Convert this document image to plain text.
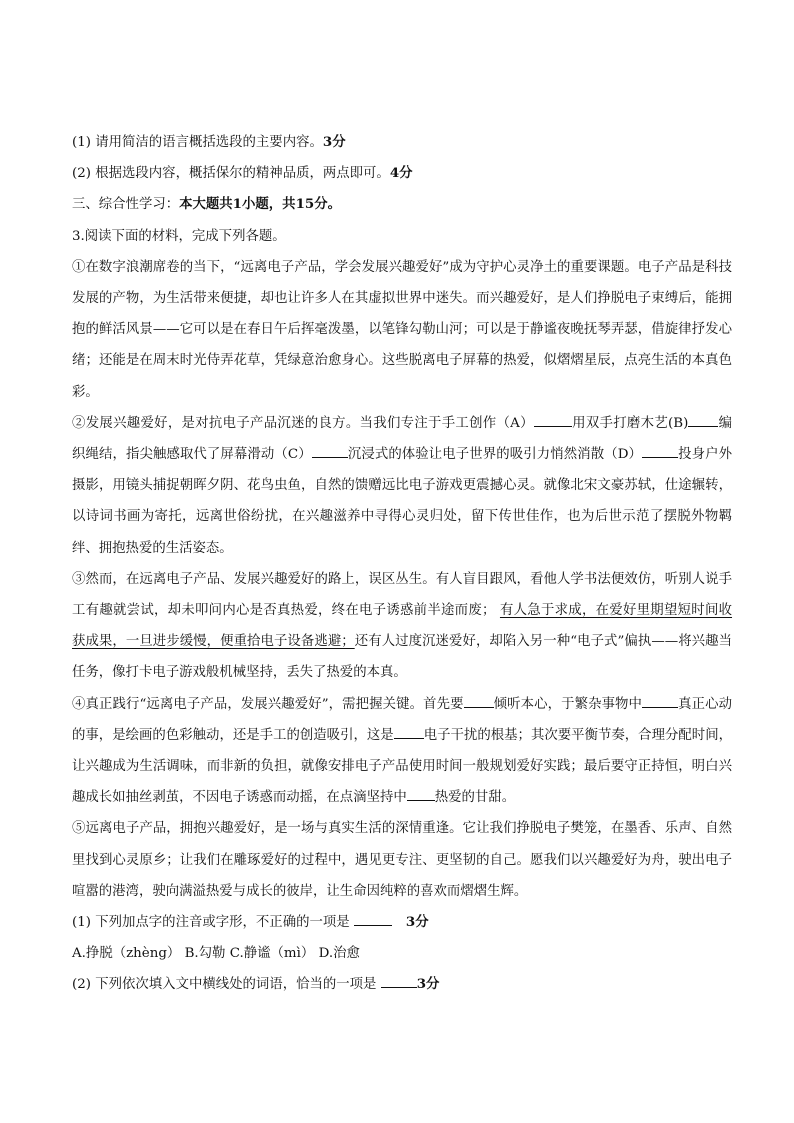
(1) 请用简洁的语言概括选段的主要内容。3分
(2) 根据选段内容，概括保尔的精神品质，两点即可。4分
三、综合性学习：本大题共1小题，共15分。
3.阅读下面的材料，完成下列各题。
①在数字浪潮席卷的当下，“远离电子产品，学会发展兴趣爱好”成为守护心灵净土的重要课题。电子产品是科技发展的产物，为生活带来便捷，却也让许多人在其虚拟世界中迷失。而兴趣爱好，是人们挣脱电子束缚后，能拥抱的鲜活风景——它可以是在春日午后挥毫泼墨，以笔锋勾勒山河；可以是于静谧夜晚抚琴弄瑟，借旋律抒发心绪；还能是在周末时光侍弄花草，凭绿意治愈身心。这些脱离电子屏幕的热爱，似熠熠星辰，点亮生活的本真色彩。
②发展兴趣爱好，是对抗电子产品沉迷的良方。当我们专注于手工创作（A）	用双手打磨木艺(B) 编织绳结，指尖触感取代了屏幕滑动（C）	沉浸式的体验让电子世界的吸引力悄然消散（D）	投身户外摄影，用镜头捕捉朝晖夕阴、花鸟虫鱼，自然的馈赠远比电子游戏更震撼心灵。就像北宋文豪苏轼，仕途辗转，以诗词书画为寄托，远离世俗纷扰，在兴趣滋养中寻得心灵归处，留下传世佳作，也为后世示范了摆脱外物羁绊、拥抱热爱的生活姿态。
③然而，在远离电子产品、发展兴趣爱好的路上，误区丛生。有人盲目跟风，看他人学书法便效仿，听别人说手工有趣就尝试，却未叩问内心是否真热爱，终在电子诱惑前半途而废； 有人急于求成，在爱好里期望短时间收获成果，一旦进步缓慢，便重拾电子设备逃避；还有人过度沉迷爱好，却陷入另一种“电子式”偏执——将兴趣当任务，像打卡电子游戏般机械坚持，丢失了热爱的本真。
④真正践行“远离电子产品，发展兴趣爱好”，需把握关键。首先要 倾听本心，于繁杂事物中	真正心动的事，是绘画的色彩触动，还是手工的创造吸引，这是 电子干扰的根基；其次要平衡节奏，合理分配时间，让兴趣成为生活调味，而非新的负担，就像安排电子产品使用时间一般规划爱好实践；最后要守正持恒，明白兴趣成长如抽丝剥茧，不因电子诱惑而动摇，在点滴坚持中 热爱的甘甜。
⑤远离电子产品，拥抱兴趣爱好，是一场与真实生活的深情重逢。它让我们挣脱电子樊笼，在墨香、乐声、自然里找到心灵原乡；让我们在雕琢爱好的过程中，遇见更专注、更坚韧的自己。愿我们以兴趣爱好为舟，驶出电子喧嚣的港湾，驶向满溢热爱与成长的彼岸，让生命因纯粹的喜欢而熠熠生辉。
(1) 下列加点字的注音或字形，不正确的一项是	3分
A.挣脱（zhèng） B.勾勒 C.静谧（mì） D.治愈
(2) 下列依次填入文中横线处的词语，恰当的一项是	3分
